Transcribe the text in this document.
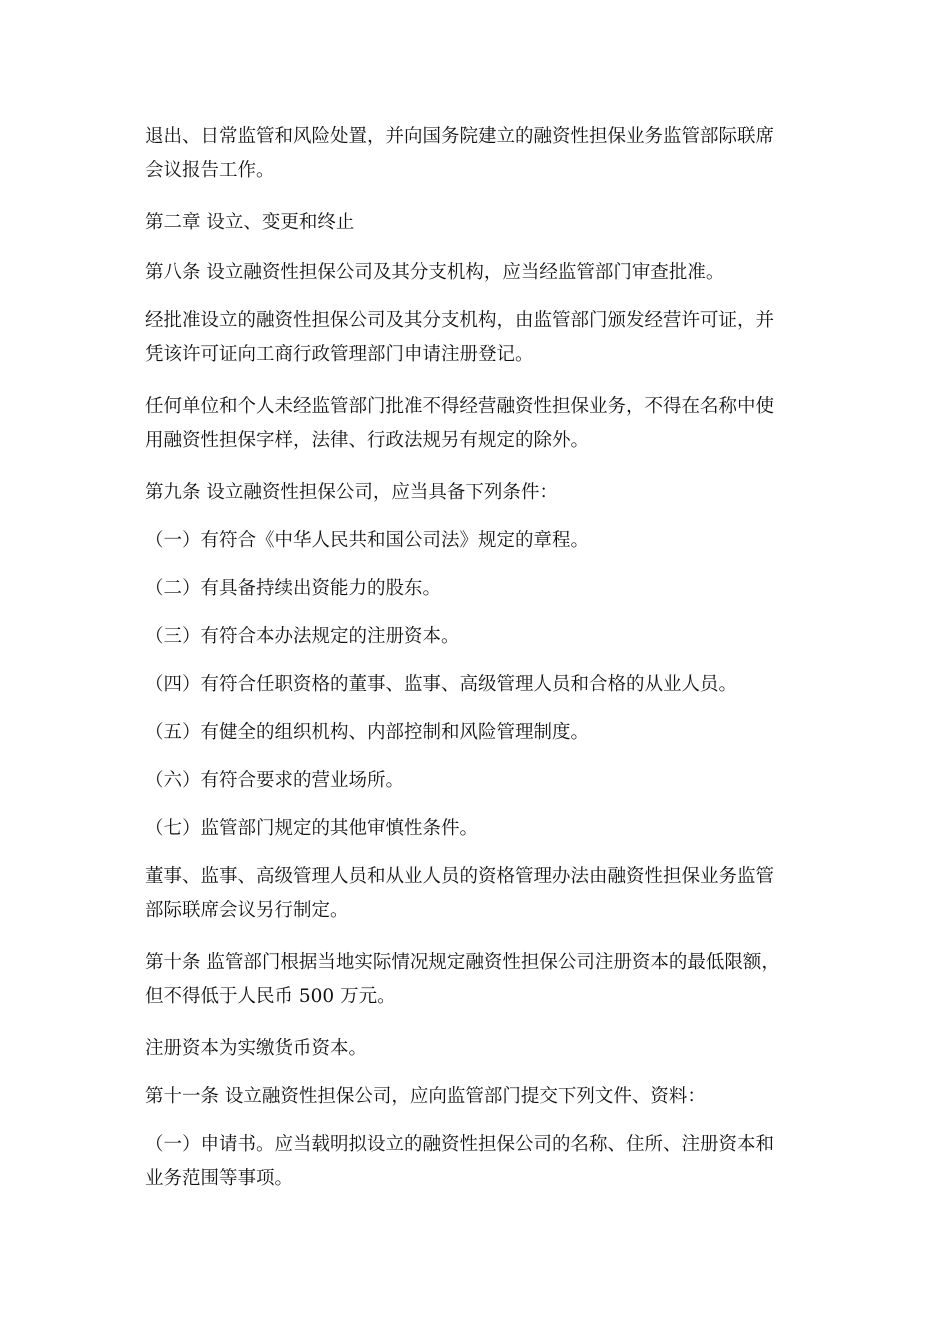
退出、日常监管和风险处置，并向国务院建立的融资性担保业务监管部际联席
会议报告工作。
第二章 设立、变更和终止
第八条 设立融资性担保公司及其分支机构，应当经监管部门审查批准。
经批准设立的融资性担保公司及其分支机构，由监管部门颁发经营许可证，并
凭该许可证向工商行政管理部门申请注册登记。
任何单位和个人未经监管部门批准不得经营融资性担保业务，不得在名称中使
用融资性担保字样，法律、行政法规另有规定的除外。
第九条 设立融资性担保公司，应当具备下列条件：
（一）有符合《中华人民共和国公司法》规定的章程。
（二）有具备持续出资能力的股东。
（三）有符合本办法规定的注册资本。
（四）有符合任职资格的董事、监事、高级管理人员和合格的从业人员。
（五）有健全的组织机构、内部控制和风险管理制度。
（六）有符合要求的营业场所。
（七）监管部门规定的其他审慎性条件。
董事、监事、高级管理人员和从业人员的资格管理办法由融资性担保业务监管
部际联席会议另行制定。
第十条 监管部门根据当地实际情况规定融资性担保公司注册资本的最低限额，
但不得低于人民币 500 万元。
注册资本为实缴货币资本。
第十一条 设立融资性担保公司，应向监管部门提交下列文件、资料：
（一）申请书。应当载明拟设立的融资性担保公司的名称、住所、注册资本和
业务范围等事项。
